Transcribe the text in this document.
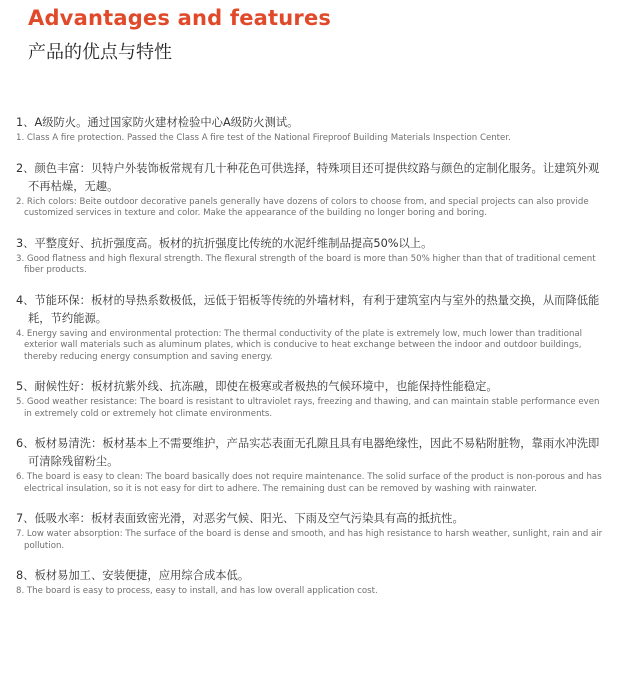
Advantages and features
产品的优点与特性
1、A级防火。通过国家防火建材检验中心A级防火测试。
1. Class A fire protection. Passed the Class A fire test of the National Fireproof Building Materials Inspection Center.
2、颜色丰富：贝特户外装饰板常规有几十种花色可供选择，特殊项目还可提供纹路与颜色的定制化服务。让建筑外观不再枯燥，无趣。
2. Rich colors: Beite outdoor decorative panels generally have dozens of colors to choose from, and special projects can also provide customized services in texture and color. Make the appearance of the building no longer boring and boring.
3、平整度好、抗折强度高。板材的抗折强度比传统的水泥纤维制品提高50%以上。
3. Good flatness and high flexural strength. The flexural strength of the board is more than 50% higher than that of traditional cement fiber products.
4、节能环保：板材的导热系数极低，远低于铝板等传统的外墙材料，有利于建筑室内与室外的热量交换，从而降低能耗，节约能源。
4. Energy saving and environmental protection: The thermal conductivity of the plate is extremely low, much lower than traditional exterior wall materials such as aluminum plates, which is conducive to heat exchange between the indoor and outdoor buildings, thereby reducing energy consumption and saving energy.
5、耐候性好：板材抗紫外线、抗冻融，即使在极寒或者极热的气候环境中，也能保持性能稳定。
5. Good weather resistance: The board is resistant to ultraviolet rays, freezing and thawing, and can maintain stable performance even in extremely cold or extremely hot climate environments.
6、板材易清洗：板材基本上不需要维护，产品实芯表面无孔隙且具有电器绝缘性，因此不易粘附脏物，靠雨水冲洗即可清除残留粉尘。
6. The board is easy to clean: The board basically does not require maintenance. The solid surface of the product is non-porous and has electrical insulation, so it is not easy for dirt to adhere. The remaining dust can be removed by washing with rainwater.
7、低吸水率：板材表面致密光滑，对恶劣气候、阳光、下雨及空气污染具有高的抵抗性。
7. Low water absorption: The surface of the board is dense and smooth, and has high resistance to harsh weather, sunlight, rain and air pollution.
8、板材易加工、安装便捷，应用综合成本低。
8. The board is easy to process, easy to install, and has low overall application cost.
